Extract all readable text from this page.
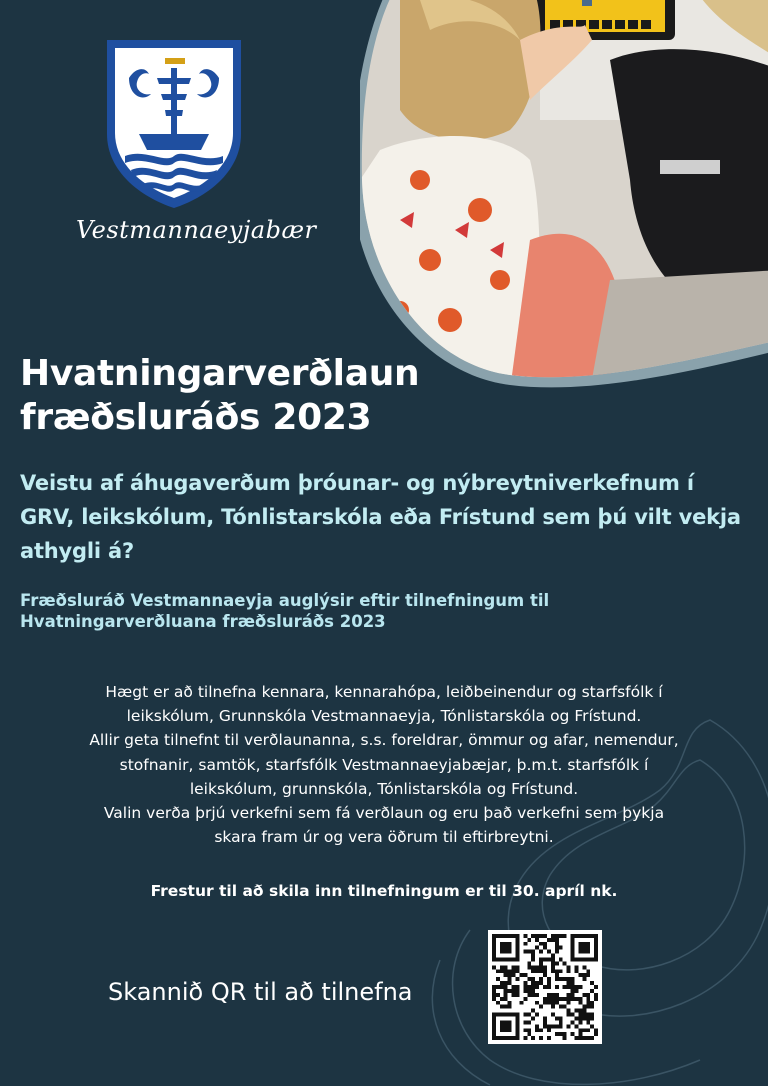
Vestmannaeyjabær
Hvatningarverðlaun
fræðsluráðs 2023

Veistu af áhugaverðum þróunar- og nýbreytniverkefnum í GRV, leikskólum, Tónlistarskóla eða Frístund sem þú vilt vekja athygli á?

Fræðsluráð Vestmannaeyja auglýsir eftir tilnefningum til Hvatningarverðluana fræðsluráðs 2023

Hægt er að tilnefna kennara, kennarahópa, leiðbeinendur og starfsfólk í
leikskólum, Grunnskóla Vestmannaeyja, Tónlistarskóla og Frístund.
Allir geta tilnefnt til verðlaunanna, s.s. foreldrar, ömmur og afar, nemendur,
stofnanir, samtök, starfsfólk Vestmannaeyjabæjar, þ.m.t. starfsfólk í
leikskólum, grunnskóla, Tónlistarskóla og Frístund.
Valin verða þrjú verkefni sem fá verðlaun og eru það verkefni sem þykja
skara fram úr og vera öðrum til eftirbreytni.

Frestur til að skila inn tilnefningum er til 30. apríl nk.

Skannið QR til að tilnefna
